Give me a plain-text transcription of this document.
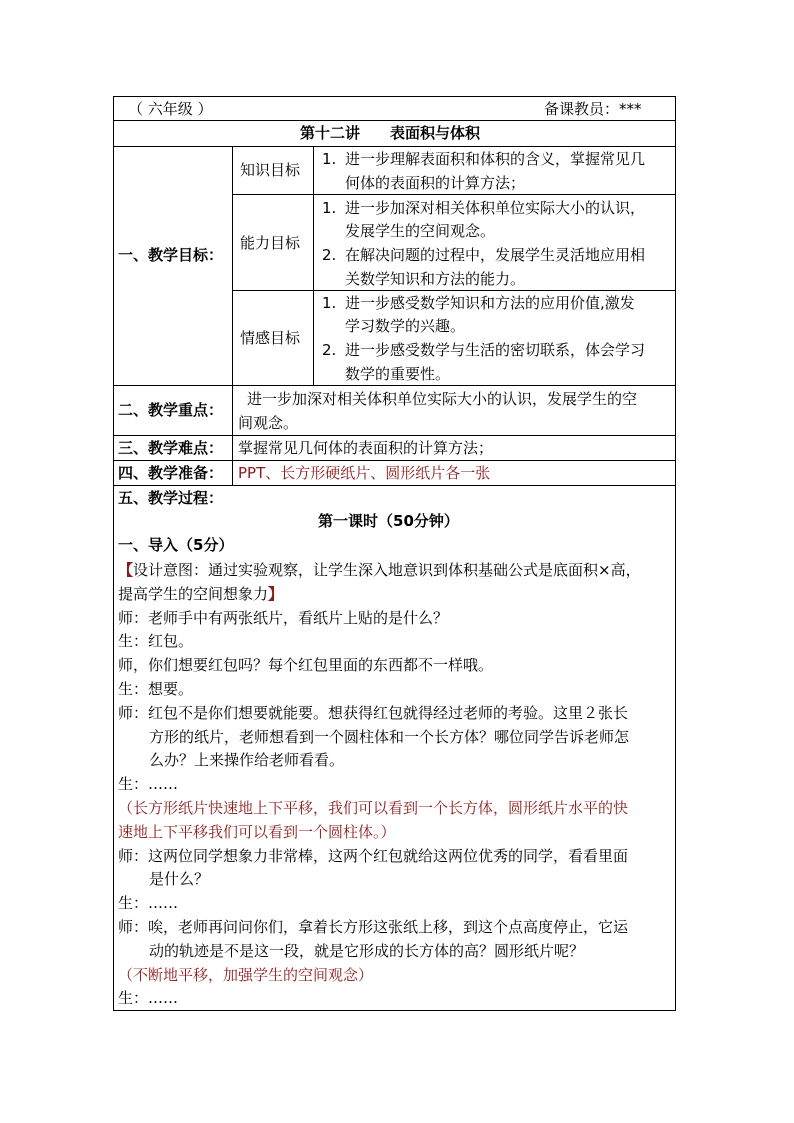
（ 六年级 ）	备课教员：***
第十二讲　　表面积与体积
一、教学目标：
知识目标
1. 进一步理解表面积和体积的含义，掌握常见几
何体的表面积的计算方法；
能力目标
1. 进一步加深对相关体积单位实际大小的认识，
发展学生的空间观念。
2. 在解决问题的过程中，发展学生灵活地应用相
关数学知识和方法的能力。
情感目标
1. 进一步感受数学知识和方法的应用价值,激发
学习数学的兴趣。
2. 进一步感受数学与生活的密切联系，体会学习
数学的重要性。
二、教学重点：
进一步加深对相关体积单位实际大小的认识，发展学生的空
间观念。
三、教学难点： 掌握常见几何体的表面积的计算方法；
四、教学准备： PPT、长方形硬纸片、圆形纸片各一张
五、教学过程：
第一课时（50分钟）
一、导入（5分）
【设计意图：通过实验观察，让学生深入地意识到体积基础公式是底面积×高，
提高学生的空间想象力】
师：老师手中有两张纸片，看纸片上贴的是什么？
生：红包。
师，你们想要红包吗？每个红包里面的东西都不一样哦。
生：想要。
师：红包不是你们想要就能要。想获得红包就得经过老师的考验。这里２张长
方形的纸片，老师想看到一个圆柱体和一个长方体？哪位同学告诉老师怎
么办？上来操作给老师看看。
生：……
（长方形纸片快速地上下平移，我们可以看到一个长方体，圆形纸片水平的快
速地上下平移我们可以看到一个圆柱体。）
师：这两位同学想象力非常棒，这两个红包就给这两位优秀的同学，看看里面
是什么？
生：……
师：唉，老师再问问你们，拿着长方形这张纸上移，到这个点高度停止，它运
动的轨迹是不是这一段，就是它形成的长方体的高？圆形纸片呢？
（不断地平移，加强学生的空间观念）
生：……
